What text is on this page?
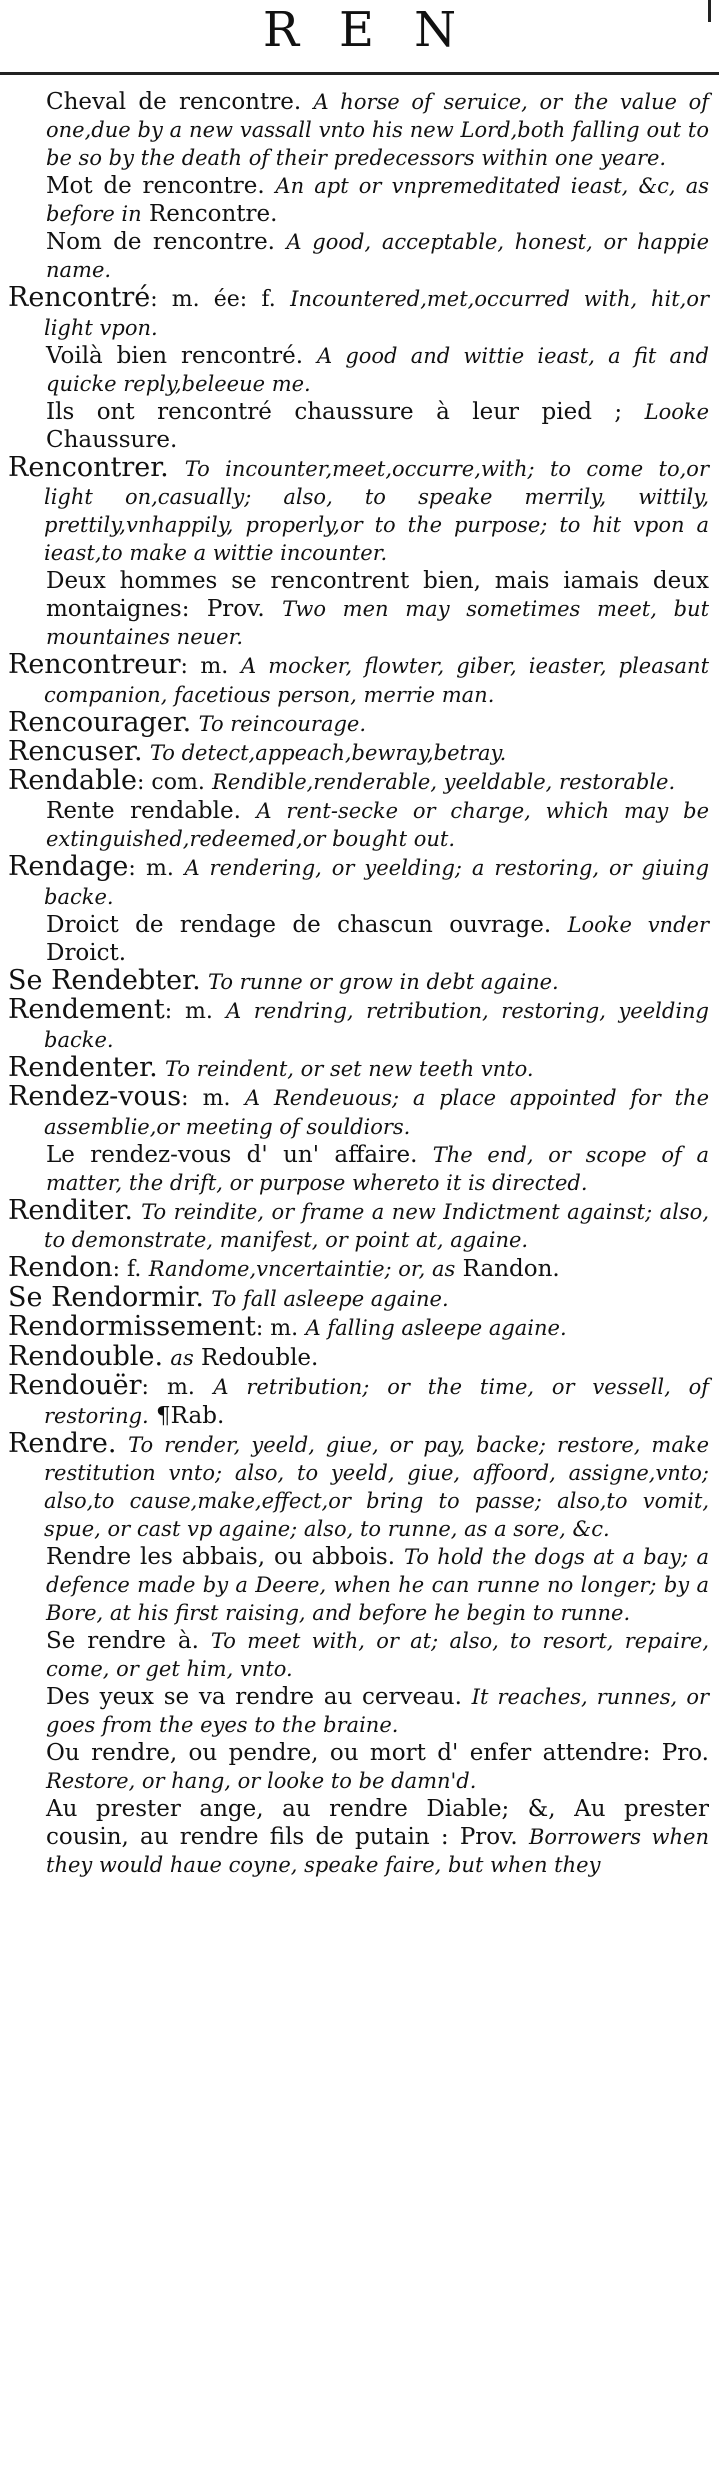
REN
Cheval de rencontre. A horse of seruice, or the value of one,due by a new vassall vnto his new Lord,both falling out to be so by the death of their predecessors within one yeare.
Mot de rencontre. An apt or vnpremeditated ieast, &c, as before in Rencontre.
Nom de rencontre. A good, acceptable, honest, or happie name.
Rencontré: m. ée: f. Incountered,met,occurred with, hit,or light vpon.
Voilà bien rencontré. A good and wittie ieast, a fit and quicke reply,beleeue me.
Ils ont rencontré chaussure à leur pied ; Looke Chaussure.
Rencontrer. To incounter,meet,occurre,with; to come to,or light on,casually; also, to speake merrily, wittily, prettily,vnhappily, properly,or to the purpose; to hit vpon a ieast,to make a wittie incounter.
Deux hommes se rencontrent bien, mais iamais deux montaignes: Prov. Two men may sometimes meet, but mountaines neuer.
Rencontreur: m. A mocker, flowter, giber, ieaster, pleasant companion, facetious person, merrie man.
Rencourager. To reincourage.
Rencuser. To detect,appeach,bewray,betray.
Rendable: com. Rendible,renderable, yeeldable, restorable.
Rente rendable. A rent-secke or charge, which may be extinguished,redeemed,or bought out.
Rendage: m. A rendering, or yeelding; a restoring, or giuing backe.
Droict de rendage de chascun ouvrage. Looke vnder Droict.
Se Rendebter. To runne or grow in debt againe.
Rendement: m. A rendring, retribution, restoring, yeelding backe.
Rendenter. To reindent, or set new teeth vnto.
Rendez-vous: m. A Rendeuous; a place appointed for the assemblie,or meeting of souldiors.
Le rendez-vous d' un' affaire. The end, or scope of a matter, the drift, or purpose whereto it is directed.
Renditer. To reindite, or frame a new Indictment against; also, to demonstrate, manifest, or point at, againe.
Rendon: f. Randome,vncertaintie; or, as Randon.
Se Rendormir. To fall asleepe againe.
Rendormissement: m. A falling asleepe againe.
Rendouble. as Redouble.
Rendouër: m. A retribution; or the time, or vessell, of restoring. ¶Rab.
Rendre. To render, yeeld, giue, or pay, backe; restore, make restitution vnto; also, to yeeld, giue, affoord, assigne,vnto; also,to cause,make,effect,or bring to passe; also,to vomit, spue, or cast vp againe; also, to runne, as a sore, &c.
Rendre les abbais, ou abbois. To hold the dogs at a bay; a defence made by a Deere, when he can runne no longer; by a Bore, at his first raising, and before he begin to runne.
Se rendre à. To meet with, or at; also, to resort, repaire, come, or get him, vnto.
Des yeux se va rendre au cerveau. It reaches, runnes, or goes from the eyes to the braine.
Ou rendre, ou pendre, ou mort d' enfer attendre: Pro. Restore, or hang, or looke to be damn'd.
Au prester ange, au rendre Diable; &, Au prester cousin, au rendre fils de putain : Prov. Borrowers when they would haue coyne, speake faire, but when they
